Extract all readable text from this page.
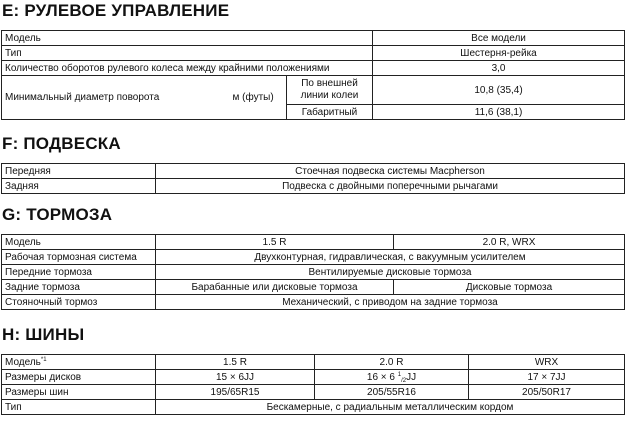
E: РУЛЕВОЕ УПРАВЛЕНИЕ
Модель			Все модели
Тип			Шестерня-рейка
Количество оборотов рулевого колеса между крайними положениями			3,0
Минимальный диаметр поворота	м (футы)	По внешней линии колеи	10,8 (35,4)
		Габаритный	11,6 (38,1)
F: ПОДВЕСКА
Передняя	Стоечная подвеска системы Macpherson
Задняя	Подвеска с двойными поперечными рычагами
G: ТОРМОЗА
Модель	1.5 R	2.0 R, WRX
Рабочая тормозная система	Двухконтурная, гидравлическая, с вакуумным усилителем	
Передние тормоза	Вентилируемые дисковые тормоза	
Задние тормоза	Барабанные или дисковые тормоза	Дисковые тормоза
Стояночный тормоз	Механический, с приводом на задние тормоза	
H: ШИНЫ
Модель$^{*1}$	1.5 R	2.0 R	WRX
Размеры дисков	15 × 6JJ	16 × 6 $^1_{/2}$JJ	17 × 7JJ
Размеры шин	195/65R15	205/55R16	205/50R17
Тип	Бескамерные, с радиальным металлическим кордом		
